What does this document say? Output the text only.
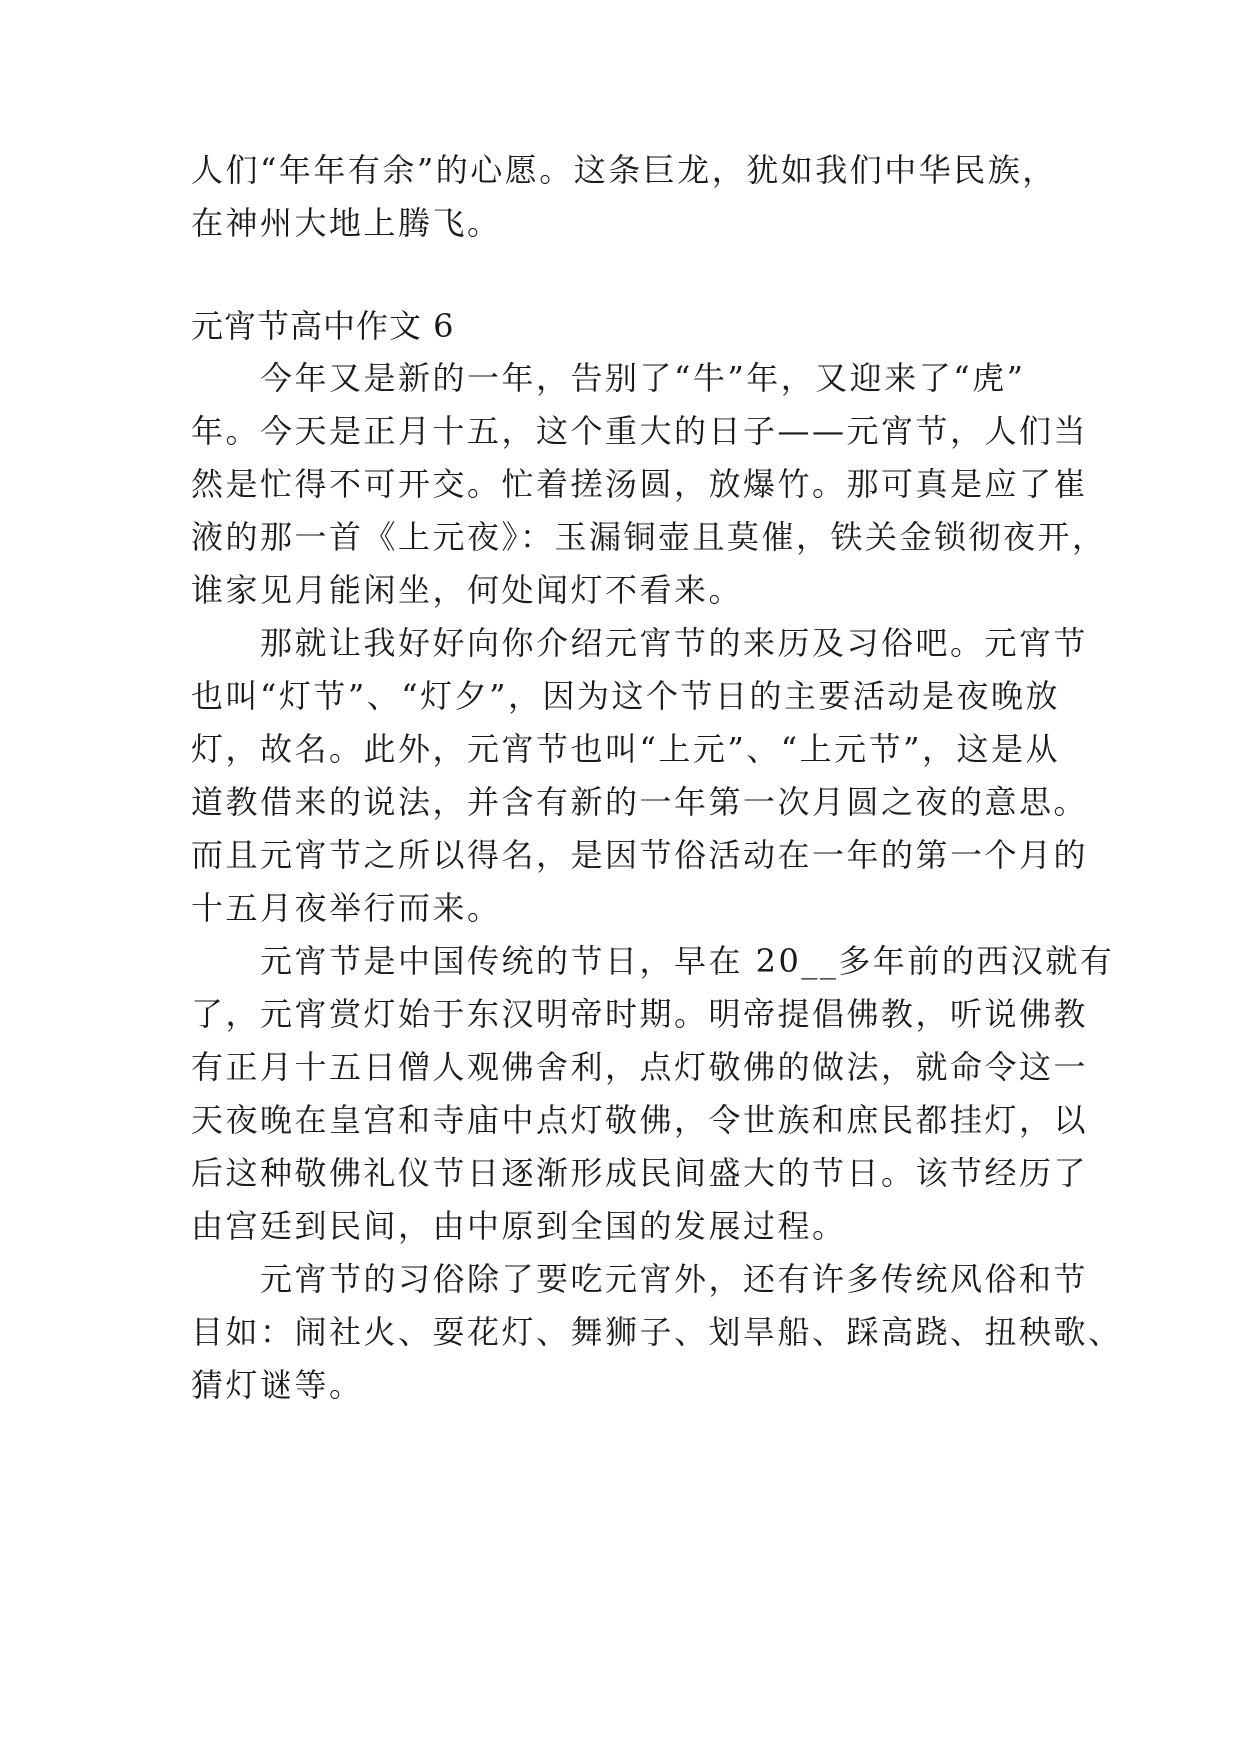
人们“年年有余”的心愿。这条巨龙，犹如我们中华民族，
在神州大地上腾飞。
元宵节高中作文 6
　　今年又是新的一年，告别了“牛”年，又迎来了“虎”
年。今天是正月十五，这个重大的日子——元宵节，人们当
然是忙得不可开交。忙着搓汤圆，放爆竹。那可真是应了崔
液的那一首《上元夜》：玉漏铜壶且莫催，铁关金锁彻夜开，
谁家见月能闲坐，何处闻灯不看来。
　　那就让我好好向你介绍元宵节的来历及习俗吧。元宵节
也叫“灯节”、“灯夕”，因为这个节日的主要活动是夜晚放
灯，故名。此外，元宵节也叫“上元”、“上元节”，这是从
道教借来的说法，并含有新的一年第一次月圆之夜的意思。
而且元宵节之所以得名，是因节俗活动在一年的第一个月的
十五月夜举行而来。
　　元宵节是中国传统的节日，早在 20__多年前的西汉就有
了，元宵赏灯始于东汉明帝时期。明帝提倡佛教，听说佛教
有正月十五日僧人观佛舍利，点灯敬佛的做法，就命令这一
天夜晚在皇宫和寺庙中点灯敬佛，令世族和庶民都挂灯，以
后这种敬佛礼仪节日逐渐形成民间盛大的节日。该节经历了
由宫廷到民间，由中原到全国的发展过程。
　　元宵节的习俗除了要吃元宵外，还有许多传统风俗和节
目如：闹社火、耍花灯、舞狮子、划旱船、踩高跷、扭秧歌、
猜灯谜等。
